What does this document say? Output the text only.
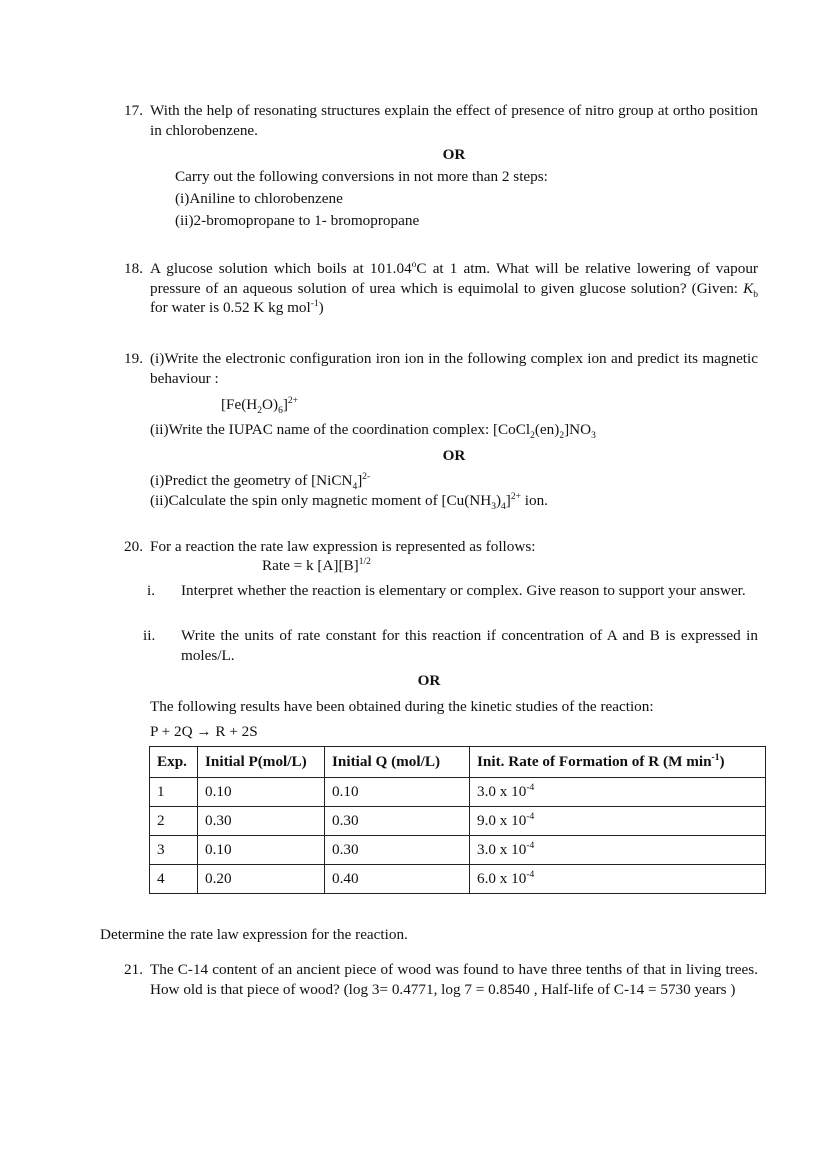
17. With the help of resonating structures explain the effect of presence of nitro group at ortho position in chlorobenzene.
OR
Carry out the following conversions in not more than 2 steps:
(i)Aniline to chlorobenzene
(ii)2-bromopropane to 1- bromopropane
18. A glucose solution which boils at 101.04$^o$C at 1 atm. What will be relative lowering of vapour pressure of an aqueous solution of urea which is equimolal to given glucose solution? (Given: $K_b$ for water is 0.52 K kg mol$^{-1}$)
19. (i)Write the electronic configuration iron ion in the following complex ion and predict its magnetic behaviour :
$[Fe(H_2O)_6]^{2+}$
(ii)Write the IUPAC name of the coordination complex: $[CoCl_2(en)_2]NO_3$
OR
(i)Predict the geometry of [NiCN$_4$]$^{2-}$
(ii)Calculate the spin only magnetic moment of $[Cu(NH_3)_4]^{2+}$ ion.
20. For a reaction the rate law expression is represented as follows:
Rate = k $[A][B]^{1/2}$
i. Interpret whether the reaction is elementary or complex. Give reason to support your answer.
ii. Write the units of rate constant for this reaction if concentration of A and B is expressed in moles/L.
OR
The following results have been obtained during the kinetic studies of the reaction:
P + 2Q → R + 2S
Exp.	Initial P(mol/L)	Initial Q (mol/L)	Init. Rate of Formation of R (M $\min^{-1}$)
1	0.10	0.10	3.0 x $10^{-4}$
2	0.30	0.30	9.0 x $10^{-4}$
3	0.10	0.30	3.0 x $10^{-4}$
4	0.20	0.40	6.0 x $10^{-4}$
Determine the rate law expression for the reaction.
21. The C-14 content of an ancient piece of wood was found to have three tenths of that in living trees. How old is that piece of wood? (log 3= 0.4771, log 7 = 0.8540 , Half-life of C-14 = 5730 years )
